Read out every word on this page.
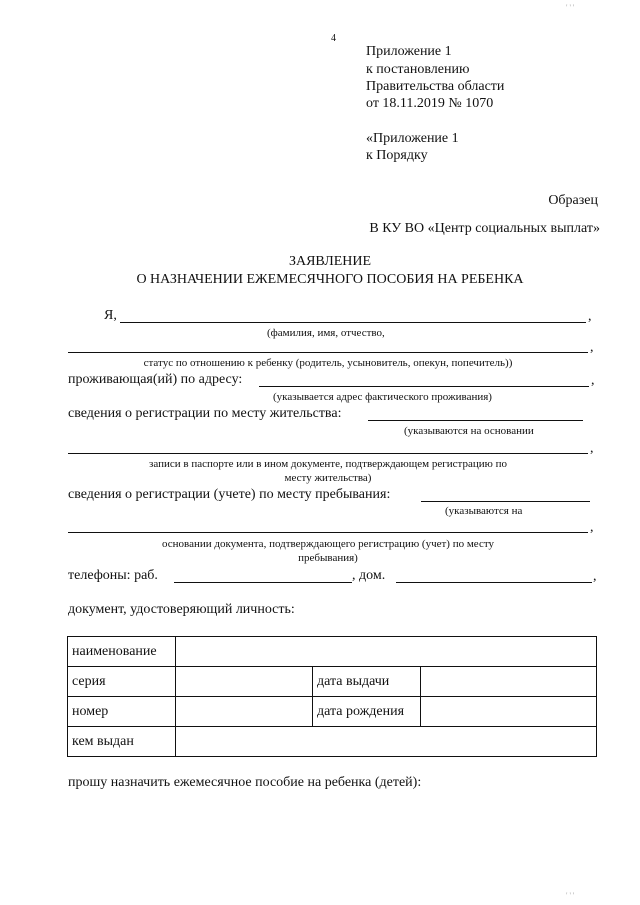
4
Приложение 1
к постановлению
Правительства области
от 18.11.2019 № 1070
«Приложение 1
к Порядку
Образец
В КУ ВО «Центр социальных выплат»
ЗАЯВЛЕНИЕ
О НАЗНАЧЕНИИ ЕЖЕМЕСЯЧНОГО ПОСОБИЯ НА РЕБЕНКА
Я,	,
(фамилия, имя, отчество,
,
статус по отношению к ребенку (родитель, усыновитель, опекун, попечитель))
проживающая(ий) по адресу:	,
(указывается адрес фактического проживания)
сведения о регистрации по месту жительства:
(указываются на основании
,
записи в паспорте или в ином документе, подтверждающем регистрацию по
месту жительства)
сведения о регистрации (учете) по месту пребывания:
(указываются на
,
основании документа, подтверждающего регистрацию (учет) по месту
пребывания)
телефоны: раб.	, дом.	,
документ, удостоверяющий личность:
наименование			
серия		дата выдачи	
номер		дата рождения	
кем выдан			
прошу назначить ежемесячное пособие на ребенка (детей):
' ' '
' ' '
